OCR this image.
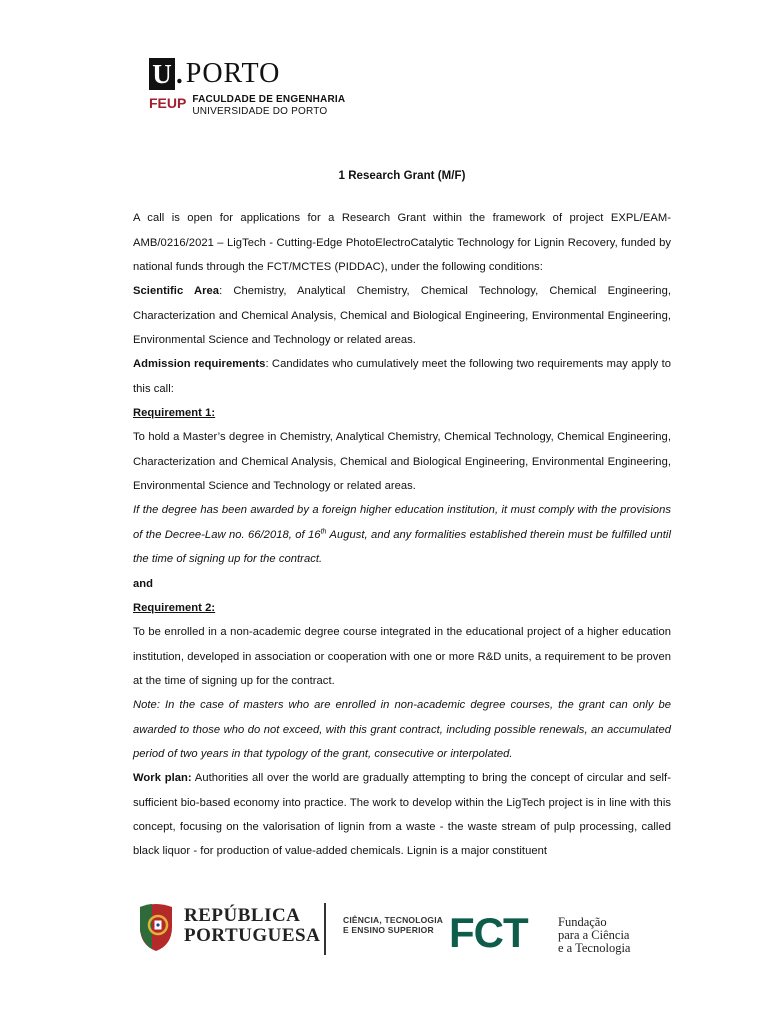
U . PORTO
FEUP FACULDADE DE ENGENHARIA
UNIVERSIDADE DO PORTO
1 Research Grant (M/F)

A call is open for applications for a Research Grant within the framework of project EXPL/EAM-AMB/0216/2021 – LigTech - Cutting-Edge PhotoElectroCatalytic Technology for Lignin Recovery, funded by national funds through the FCT/MCTES (PIDDAC), under the following conditions:

Scientific Area: Chemistry, Analytical Chemistry, Chemical Technology, Chemical Engineering, Characterization and Chemical Analysis, Chemical and Biological Engineering, Environmental Engineering, Environmental Science and Technology or related areas.

Admission requirements: Candidates who cumulatively meet the following two requirements may apply to this call:

Requirement 1:

To hold a Master’s degree in Chemistry, Analytical Chemistry, Chemical Technology, Chemical Engineering, Characterization and Chemical Analysis, Chemical and Biological Engineering, Environmental Engineering, Environmental Science and Technology or related areas.

If the degree has been awarded by a foreign higher education institution, it must comply with the provisions of the Decree-Law no. 66/2018, of 16th August, and any formalities established therein must be fulfilled until the time of signing up for the contract.

and

Requirement 2:

To be enrolled in a non-academic degree course integrated in the educational project of a higher education institution, developed in association or cooperation with one or more R&D units, a requirement to be proven at the time of signing up for the contract.

Note: In the case of masters who are enrolled in non-academic degree courses, the grant can only be awarded to those who do not exceed, with this grant contract, including possible renewals, an accumulated period of two years in that typology of the grant, consecutive or interpolated.

Work plan: Authorities all over the world are gradually attempting to bring the concept of circular and self-sufficient bio-based economy into practice. The work to develop within the LigTech project is in line with this concept, focusing on the valorisation of lignin from a waste - the waste stream of pulp processing, called black liquor - for production of value-added chemicals. Lignin is a major constituent

REPÚBLICA
PORTUGUESA
CIÊNCIA, TECNOLOGIA
E ENSINO SUPERIOR FCT Fundação
para a Ciência
e a Tecnologia
